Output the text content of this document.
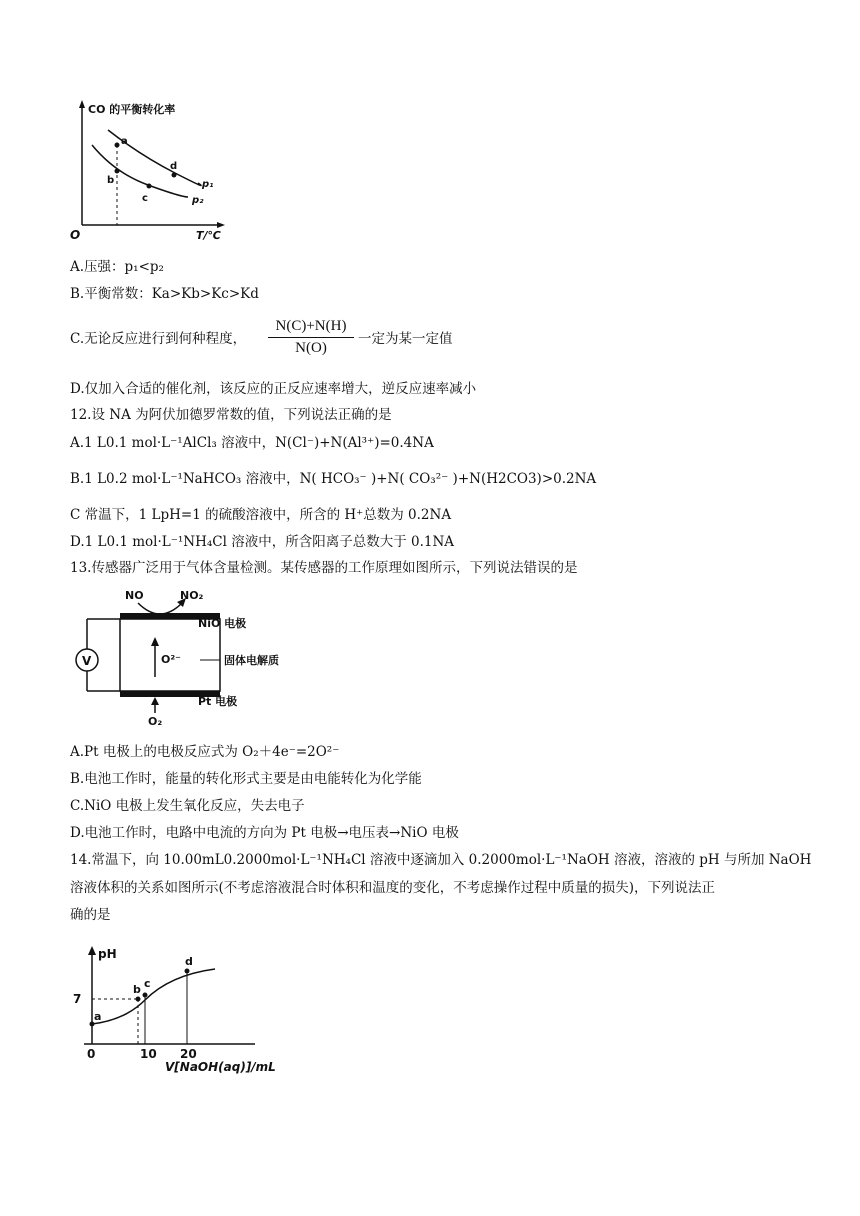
CO 的平衡转化率
T/℃
O
a
b
c
d
p₁
p₂
A.压强：p₁<p₂
B.平衡常数：Ka>Kb>Kc>Kd
C.无论反应进行到何种程度，
N(C)+N(H)
N(O)
一定为某一定值
D.仅加入合适的催化剂，该反应的正反应速率增大，逆反应速率减小
12.设 NA 为阿伏加德罗常数的值，下列说法正确的是
A.1 L0.1 mol·L⁻¹AlCl₃ 溶液中，N(Cl⁻)+N(Al³⁺)=0.4NA
B.1 L0.2 mol·L⁻¹NaHCO₃ 溶液中，N( HCO₃⁻ )+N( CO₃²⁻ )+N(H2CO3)>0.2NA
C 常温下，1 LpH=1 的硫酸溶液中，所含的 H⁺总数为 0.2NA
D.1 L0.1 mol·L⁻¹NH₄Cl 溶液中，所含阳离子总数大于 0.1NA
13.传感器广泛用于气体含量检测。某传感器的工作原理如图所示，下列说法错误的是
V	O²⁻
NO	NO₂
O₂
NiO 电极
固体电解质
Pt 电极
A.Pt 电极上的电极反应式为 O₂＋4e⁻=2O²⁻
B.电池工作时，能量的转化形式主要是由电能转化为化学能
C.NiO 电极上发生氧化反应，失去电子
D.电池工作时，电路中电流的方向为 Pt 电极→电压表→NiO 电极
14.常温下，向 10.00mL0.2000mol·L⁻¹NH₄Cl 溶液中逐滴加入 0.2000mol·L⁻¹NaOH 溶液，溶液的 pH 与所加 NaOH
溶液体积的关系如图所示(不考虑溶液混合时体积和温度的变化，不考虑操作过程中质量的损失)，下列说法正
确的是
pH
7
0	10 20
V[NaOH(aq)]/mL
a
b c
d
